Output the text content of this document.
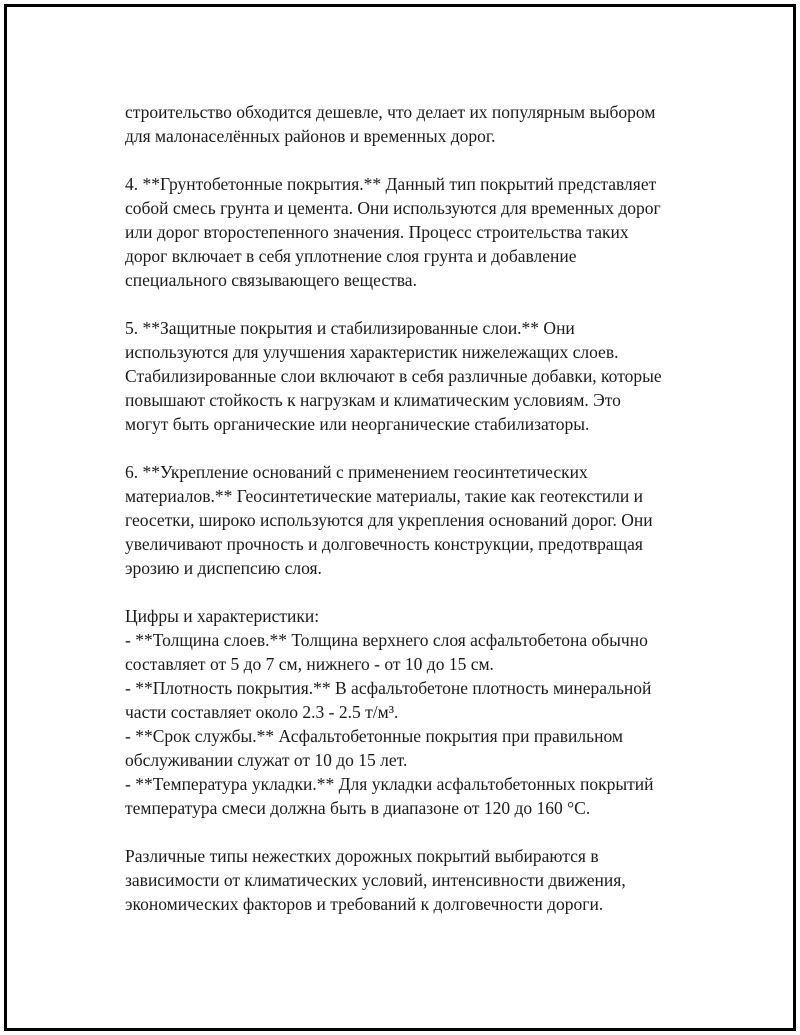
строительство обходится дешевле, что делает их популярным выбором
для малонаселённых районов и временных дорог.

4. **Грунтобетонные покрытия.** Данный тип покрытий представляет
собой смесь грунта и цемента. Они используются для временных дорог
или дорог второстепенного значения. Процесс строительства таких
дорог включает в себя уплотнение слоя грунта и добавление
специального связывающего вещества.

5. **Защитные покрытия и стабилизированные слои.** Они
используются для улучшения характеристик нижележащих слоев.
Стабилизированные слои включают в себя различные добавки, которые
повышают стойкость к нагрузкам и климатическим условиям. Это
могут быть органические или неорганические стабилизаторы.

6. **Укрепление оснований с применением геосинтетических
материалов.** Геосинтетические материалы, такие как геотекстили и
геосетки, широко используются для укрепления оснований дорог. Они
увеличивают прочность и долговечность конструкции, предотвращая
эрозию и диспепсию слоя.

Цифры и характеристики:
- **Толщина слоев.** Толщина верхнего слоя асфальтобетона обычно
составляет от 5 до 7 см, нижнего - от 10 до 15 см.
- **Плотность покрытия.** В асфальтобетоне плотность минеральной
части составляет около 2.3 - 2.5 т/м³.
- **Срок службы.** Асфальтобетонные покрытия при правильном
обслуживании служат от 10 до 15 лет.
- **Температура укладки.** Для укладки асфальтобетонных покрытий
температура смеси должна быть в диапазоне от 120 до 160 °C.

Различные типы нежестких дорожных покрытий выбираются в
зависимости от климатических условий, интенсивности движения,
экономических факторов и требований к долговечности дороги.
